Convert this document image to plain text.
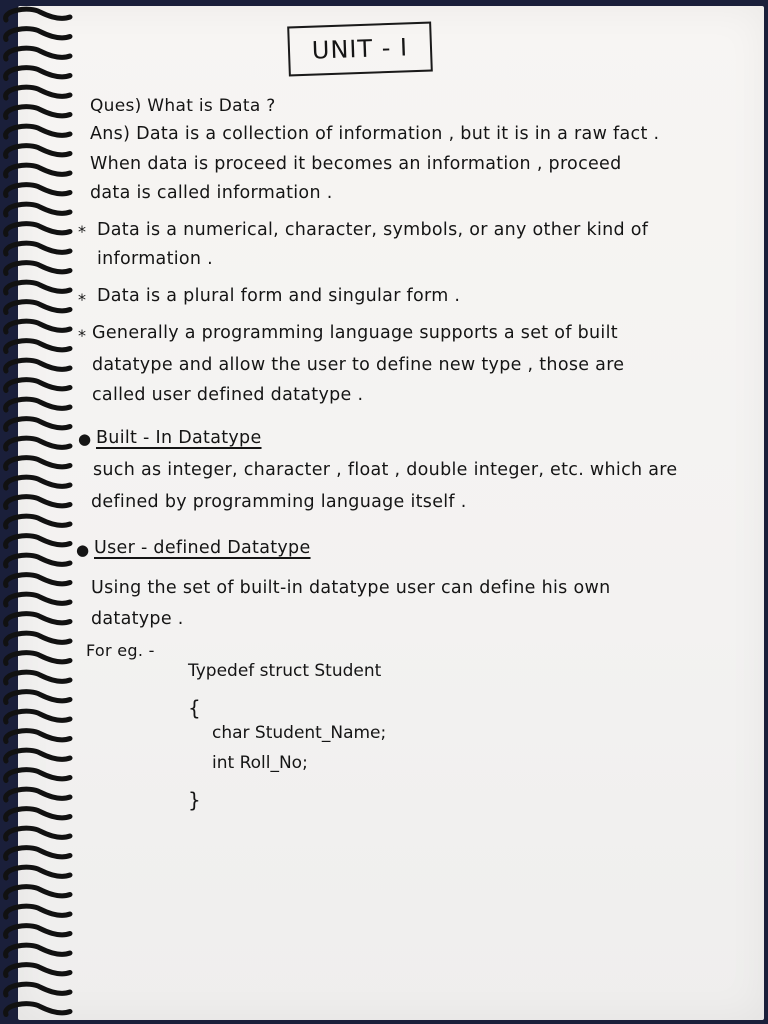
UNIT - I
Ques) What is Data ?
Ans) Data is a collection of information , but it is in a raw fact .
When data is proceed it becomes an information , proceed
data is called information .
* Data is a numerical, character, symbols, or any other kind of
information .
* Data is a plural form and singular form .
* Generally a programming language supports a set of built
datatype and allow the user to define new type , those are
called user defined datatype .
● Built - In Datatype
such as integer, character , float , double integer, etc. which are
defined by programming language itself .
● User - defined Datatype
Using the set of built-in datatype user can define his own
datatype .
For eg. -
Typedef struct Student
{
char Student_Name;
int Roll_No;
}
